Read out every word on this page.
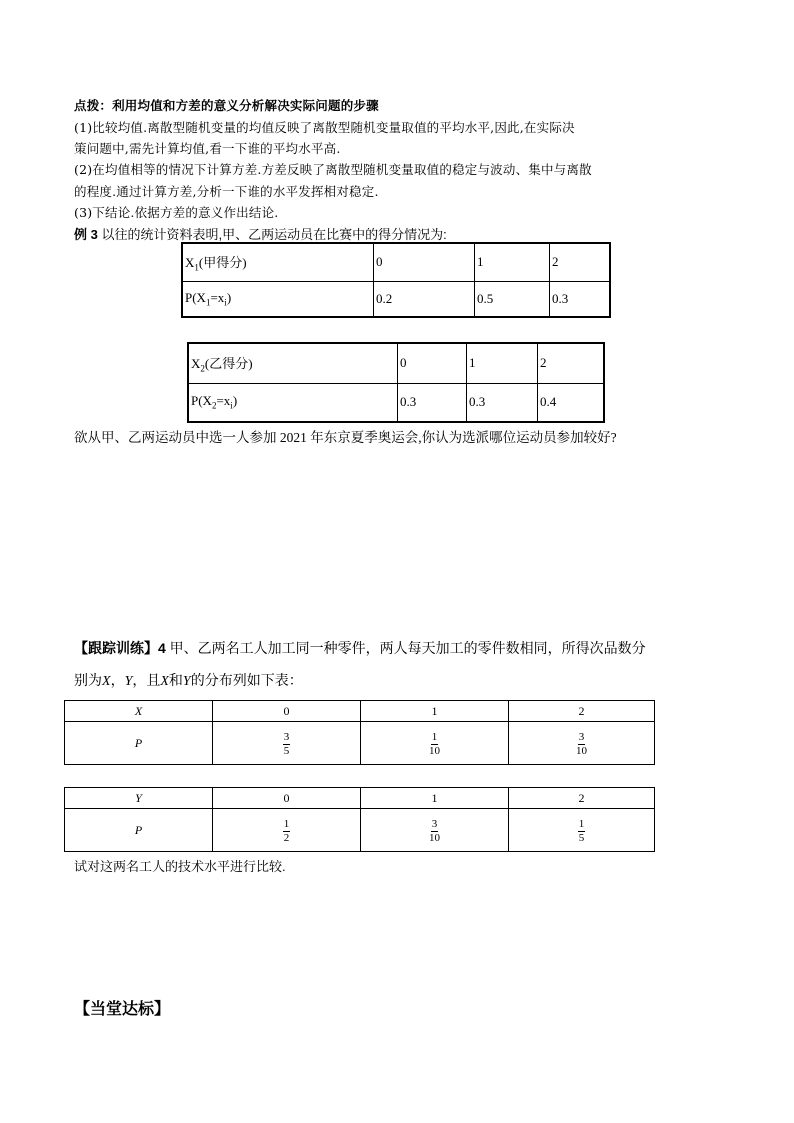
点拨：利用均值和方差的意义分析解决实际问题的步骤
(1)比较均值.离散型随机变量的均值反映了离散型随机变量取值的平均水平,因此,在实际决
策问题中,需先计算均值,看一下谁的平均水平高.
(2)在均值相等的情况下计算方差.方差反映了离散型随机变量取值的稳定与波动、集中与离散
的程度.通过计算方差,分析一下谁的水平发挥相对稳定.
(3)下结论.依据方差的意义作出结论.
例 3 以往的统计资料表明,甲、乙两运动员在比赛中的得分情况为:
$X_1$(甲得分)	0	1	2
$P(X_1=x_i)$	0.2	0.5	0.3
$X_2$(乙得分)	0	1	2
$P(X_2=x_i)$	0.3	0.3	0.4
欲从甲、乙两运动员中选一人参加 2021 年东京夏季奥运会,你认为选派哪位运动员参加较好?
【跟踪训练】4 甲、乙两名工人加工同一种零件，两人每天加工的零件数相同，所得次品数分
别为X，Y，且X和Y的分布列如下表：
X	0	1	2
P	$\frac{3}{5}$	$\frac{1}{10}$	$\frac{3}{10}$
Y	0	1	2
P	$\frac{1}{2}$	$\frac{3}{10}$	$\frac{1}{5}$
试对这两名工人的技术水平进行比较.
【当堂达标】
